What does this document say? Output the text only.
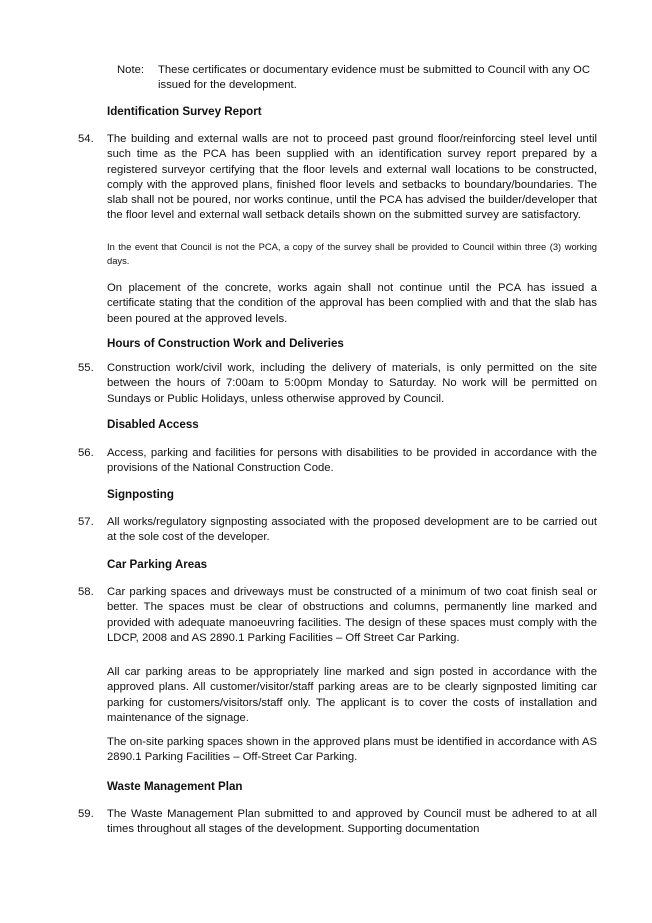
Note:	These certificates or documentary evidence must be submitted to Council with any OC issued for the development.
Identification Survey Report
54.	The building and external walls are not to proceed past ground floor/reinforcing steel level until such time as the PCA has been supplied with an identification survey report prepared by a registered surveyor certifying that the floor levels and external wall locations to be constructed, comply with the approved plans, finished floor levels and setbacks to boundary/boundaries. The slab shall not be poured, nor works continue, until the PCA has advised the builder/developer that the floor level and external wall setback details shown on the submitted survey are satisfactory.
In the event that Council is not the PCA, a copy of the survey shall be provided to Council within three (3) working days.
On placement of the concrete, works again shall not continue until the PCA has issued a certificate stating that the condition of the approval has been complied with and that the slab has been poured at the approved levels.
Hours of Construction Work and Deliveries
55.	Construction work/civil work, including the delivery of materials, is only permitted on the site between the hours of 7:00am to 5:00pm Monday to Saturday. No work will be permitted on Sundays or Public Holidays, unless otherwise approved by Council.
Disabled Access
56.	Access, parking and facilities for persons with disabilities to be provided in accordance with the provisions of the National Construction Code.
Signposting
57.	All works/regulatory signposting associated with the proposed development are to be carried out at the sole cost of the developer.
Car Parking Areas
58.	Car parking spaces and driveways must be constructed of a minimum of two coat finish seal or better. The spaces must be clear of obstructions and columns, permanently line marked and provided with adequate manoeuvring facilities. The design of these spaces must comply with the LDCP, 2008 and AS 2890.1 Parking Facilities – Off Street Car Parking.
All car parking areas to be appropriately line marked and sign posted in accordance with the approved plans. All customer/visitor/staff parking areas are to be clearly signposted limiting car parking for customers/visitors/staff only. The applicant is to cover the costs of installation and maintenance of the signage.
The on-site parking spaces shown in the approved plans must be identified in accordance with AS 2890.1 Parking Facilities – Off-Street Car Parking.
Waste Management Plan
59.	The Waste Management Plan submitted to and approved by Council must be adhered to at all times throughout all stages of the development. Supporting documentation
